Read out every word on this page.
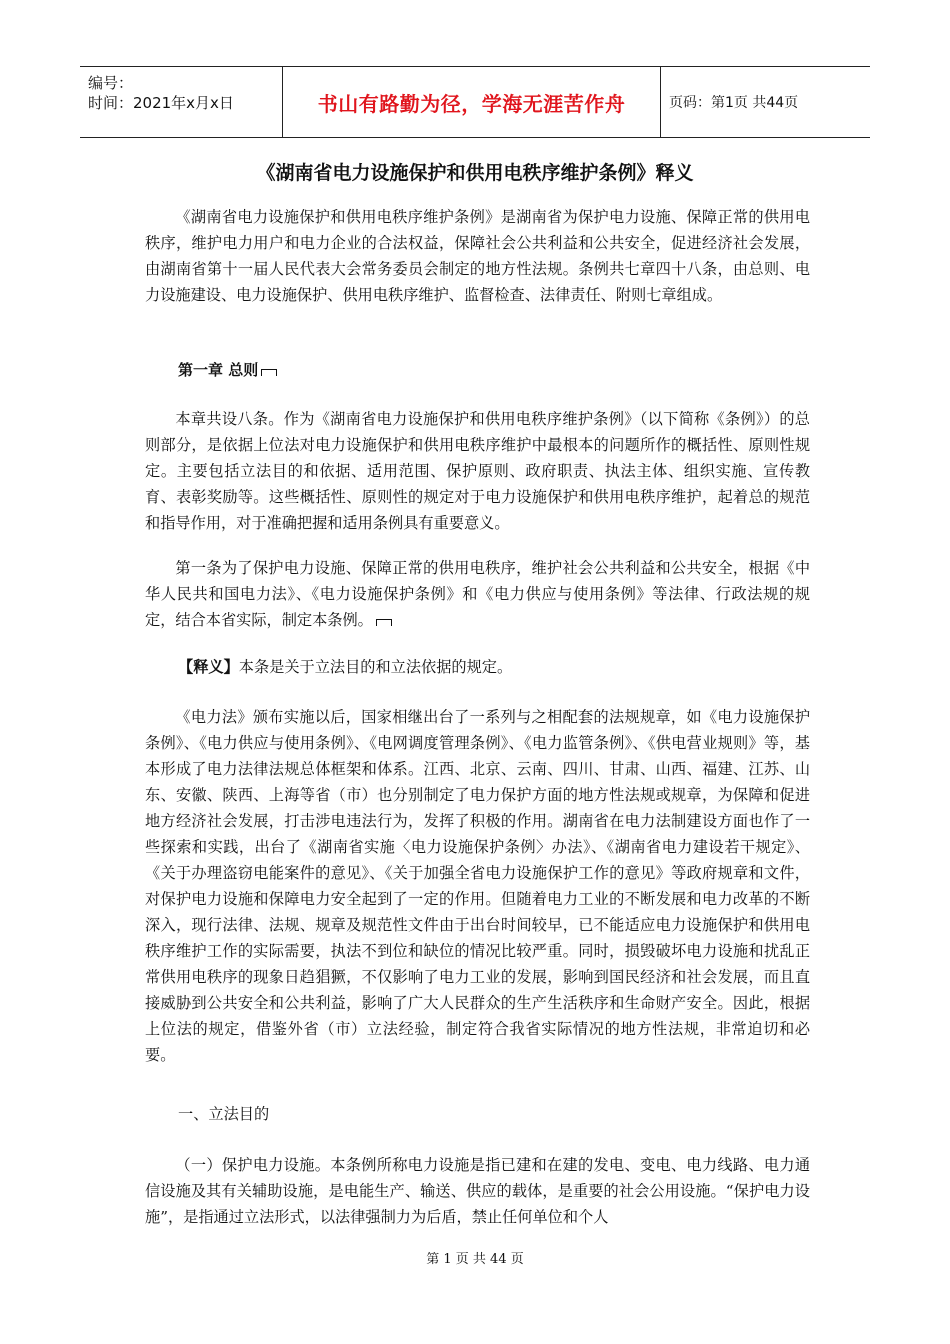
编号：
时间：2021年x月x日	书山有路勤为径，学海无涯苦作舟	页码：第1页 共44页
《湖南省电力设施保护和供用电秩序维护条例》释义

《湖南省电力设施保护和供用电秩序维护条例》是湖南省为保护电力设施、保障正常的供用电秩序，维护电力用户和电力企业的合法权益，保障社会公共利益和公共安全，促进经济社会发展，由湖南省第十一届人民代表大会常务委员会制定的地方性法规。条例共七章四十八条，由总则、电力设施建设、电力设施保护、供用电秩序维护、监督检查、法律责任、附则七章组成。

第一章 总则

本章共设八条。作为《湖南省电力设施保护和供用电秩序维护条例》（以下简称《条例》）的总则部分，是依据上位法对电力设施保护和供用电秩序维护中最根本的问题所作的概括性、原则性规定。主要包括立法目的和依据、适用范围、保护原则、政府职责、执法主体、组织实施、宣传教育、表彰奖励等。这些概括性、原则性的规定对于电力设施保护和供用电秩序维护，起着总的规范和指导作用，对于准确把握和适用条例具有重要意义。

第一条为了保护电力设施、保障正常的供用电秩序，维护社会公共利益和公共安全，根据《中华人民共和国电力法》、《电力设施保护条例》和《电力供应与使用条例》等法律、行政法规的规定，结合本省实际，制定本条例。

【释义】本条是关于立法目的和立法依据的规定。

《电力法》颁布实施以后，国家相继出台了一系列与之相配套的法规规章，如《电力设施保护条例》、《电力供应与使用条例》、《电网调度管理条例》、《电力监管条例》、《供电营业规则》等，基本形成了电力法律法规总体框架和体系。江西、北京、云南、四川、甘肃、山西、福建、江苏、山东、安徽、陕西、上海等省（市）也分别制定了电力保护方面的地方性法规或规章，为保障和促进地方经济社会发展，打击涉电违法行为，发挥了积极的作用。湖南省在电力法制建设方面也作了一些探索和实践，出台了《湖南省实施〈电力设施保护条例〉办法》、《湖南省电力建设若干规定》、《关于办理盗窃电能案件的意见》、《关于加强全省电力设施保护工作的意见》等政府规章和文件，对保护电力设施和保障电力安全起到了一定的作用。但随着电力工业的不断发展和电力改革的不断深入，现行法律、法规、规章及规范性文件由于出台时间较早，已不能适应电力设施保护和供用电秩序维护工作的实际需要，执法不到位和缺位的情况比较严重。同时，损毁破坏电力设施和扰乱正常供用电秩序的现象日趋猖獗，不仅影响了电力工业的发展，影响到国民经济和社会发展，而且直接威胁到公共安全和公共利益，影响了广大人民群众的生产生活秩序和生命财产安全。因此，根据上位法的规定，借鉴外省（市）立法经验，制定符合我省实际情况的地方性法规，非常迫切和必要。

一、立法目的

（一）保护电力设施。本条例所称电力设施是指已建和在建的发电、变电、电力线路、电力通信设施及其有关辅助设施，是电能生产、输送、供应的载体，是重要的社会公用设施。“保护电力设施”，是指通过立法形式，以法律强制力为后盾，禁止任何单位和个人

第 1 页 共 44 页
